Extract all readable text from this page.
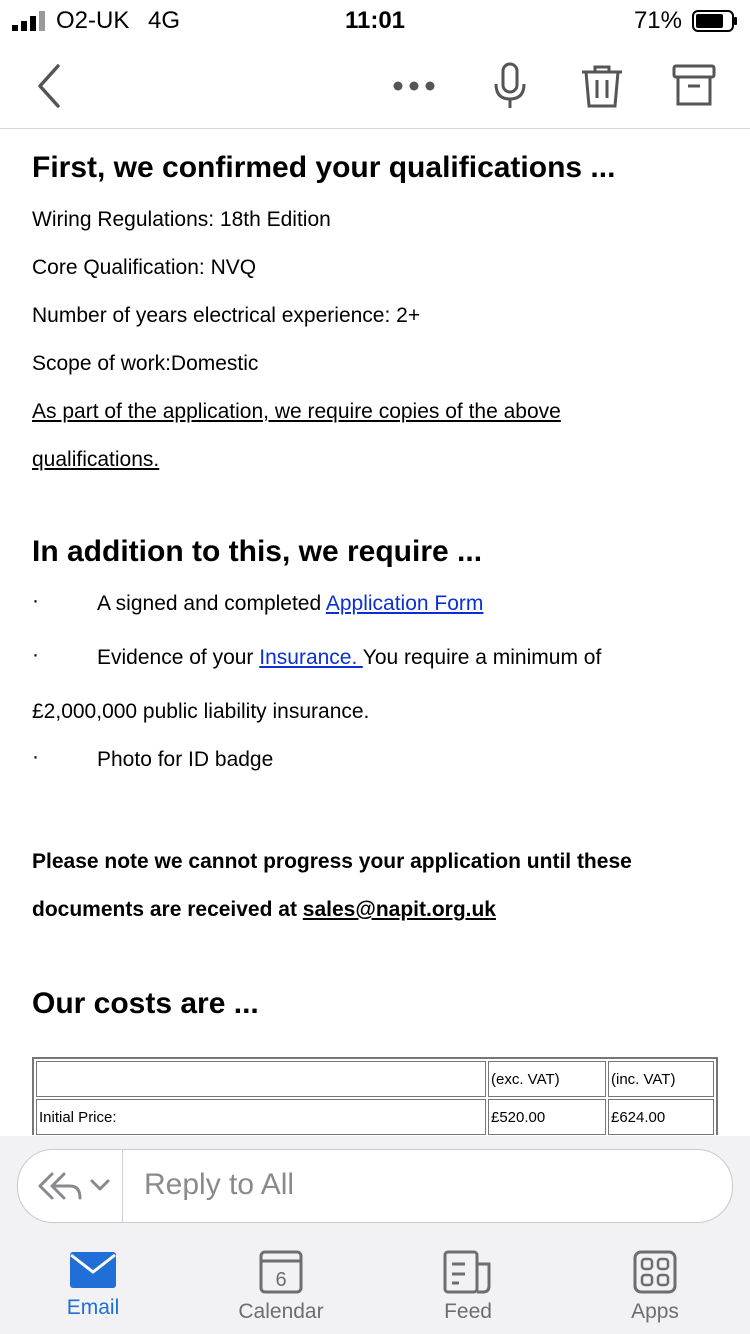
O2-UK 4G	11:01	71%
First, we confirmed your qualifications ...
Wiring Regulations: 18th Edition
Core Qualification: NVQ
Number of years electrical experience: 2+
Scope of work:Domestic
As part of the application, we require copies of the above
qualifications.
In addition to this, we require ...
·	A signed and completed Application Form
·	Evidence of your Insurance. You require a minimum of
£2,000,000 public liability insurance.
·	Photo for ID badge
Please note we cannot progress your application until these
documents are received at sales@napit.org.uk
Our costs are ...
	(exc. VAT)	(inc. VAT)
Initial Price:	£520.00	£624.00
Reply to All
Email
6
Calendar	Feed	Apps
